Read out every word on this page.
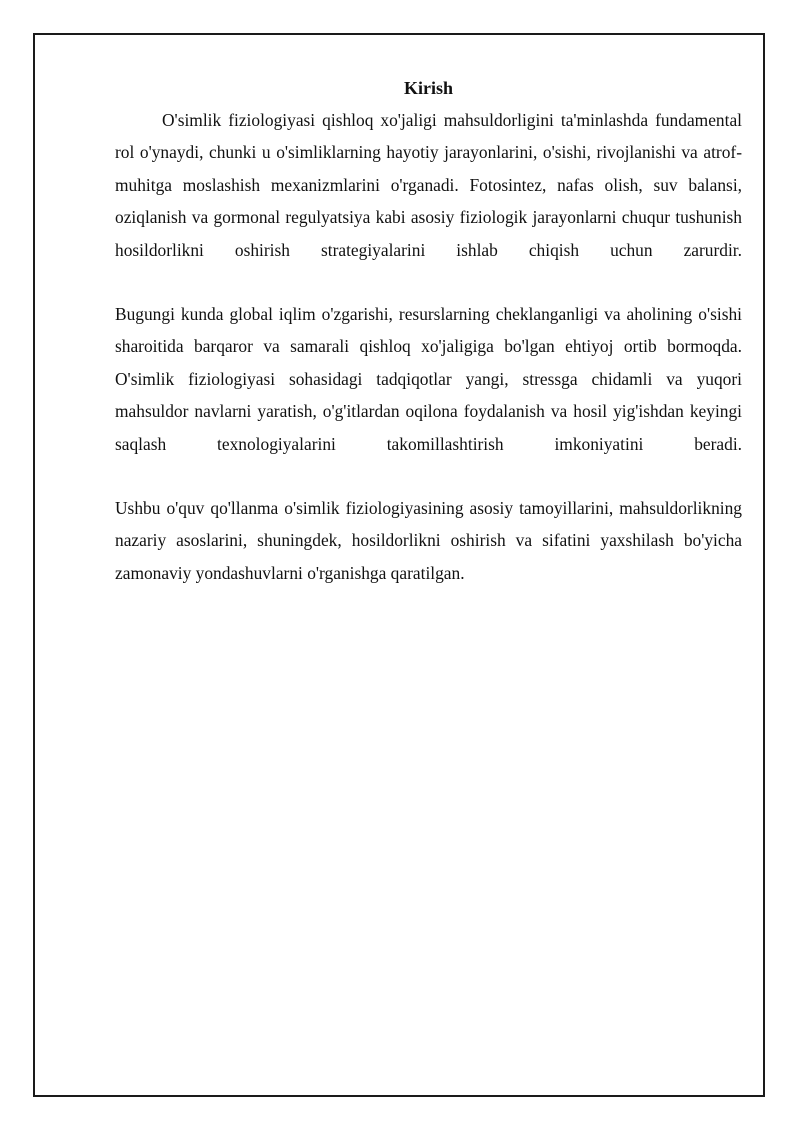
Kirish

O'simlik fiziologiyasi qishloq xo'jaligi mahsuldorligini ta'minlashda fundamental rol o'ynaydi, chunki u o'simliklarning hayotiy jarayonlarini, o'sishi, rivojlanishi va atrof-muhitga moslashish mexanizmlarini o'rganadi. Fotosintez, nafas olish, suv balansi, oziqlanish va gormonal regulyatsiya kabi asosiy fiziologik jarayonlarni chuqur tushunish hosildorlikni oshirish strategiyalarini ishlab chiqish uchun zarurdir.

Bugungi kunda global iqlim o'zgarishi, resurslarning cheklanganligi va aholining o'sishi sharoitida barqaror va samarali qishloq xo'jaligiga bo'lgan ehtiyoj ortib bormoqda. O'simlik fiziologiyasi sohasidagi tadqiqotlar yangi, stressga chidamli va yuqori mahsuldor navlarni yaratish, o'g'itlardan oqilona foydalanish va hosil yig'ishdan keyingi saqlash texnologiyalarini takomillashtirish imkoniyatini beradi.

Ushbu o'quv qo'llanma o'simlik fiziologiyasining asosiy tamoyillarini, mahsuldorlikning nazariy asoslarini, shuningdek, hosildorlikni oshirish va sifatini yaxshilash bo'yicha zamonaviy yondashuvlarni o'rganishga qaratilgan.
